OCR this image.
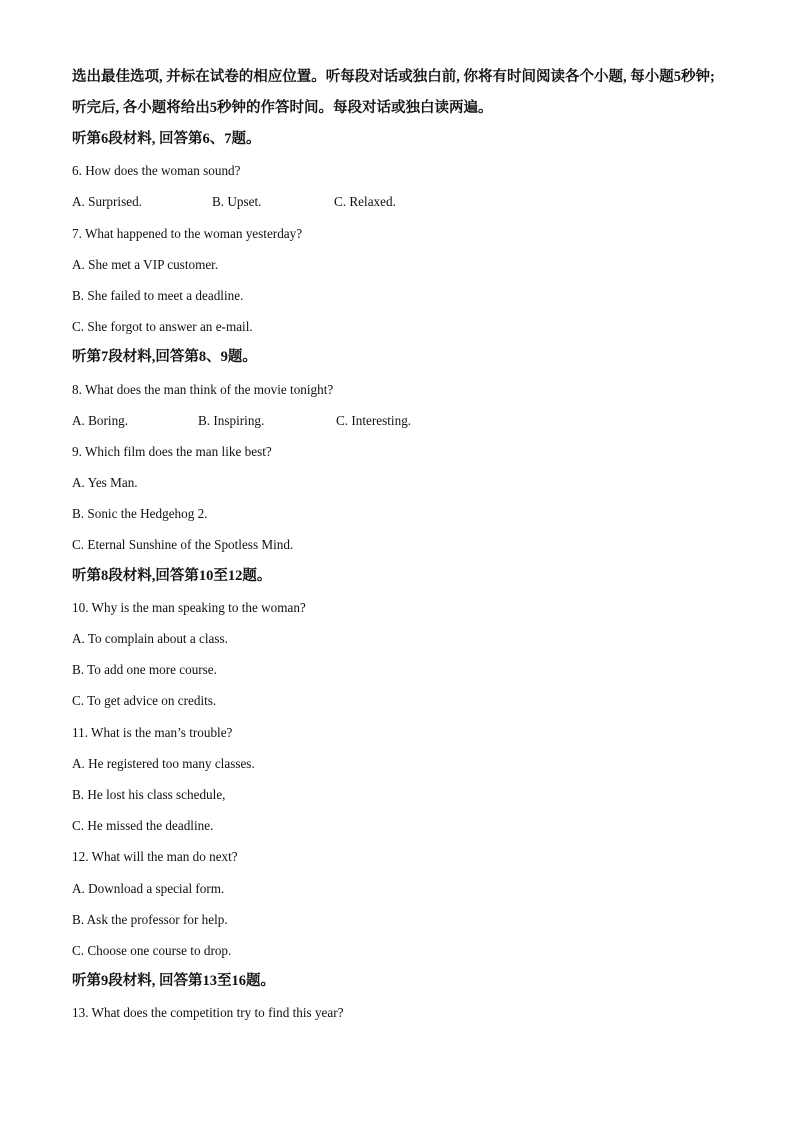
选出最佳选项, 并标在试卷的相应位置。听每段对话或独白前, 你将有时间阅读各个小题, 每小题5秒钟; 听完后, 各小题将给出5秒钟的作答时间。每段对话或独白读两遍。

听第6段材料, 回答第6、7题。
6. How does the woman sound?
A. Surprised.	B. Upset.	C. Relaxed.
7. What happened to the woman yesterday?
A. She met a VIP customer.
B. She failed to meet a deadline.
C. She forgot to answer an e-mail.
听第7段材料,回答第8、9题。
8. What does the man think of the movie tonight?
A. Boring.	B. Inspiring.	C. Interesting.
9. Which film does the man like best?
A. Yes Man.
B. Sonic the Hedgehog 2.
C. Eternal Sunshine of the Spotless Mind.
听第8段材料,回答第10至12题。
10. Why is the man speaking to the woman?
A. To complain about a class.
B. To add one more course.
C. To get advice on credits.
11. What is the man’s trouble?
A. He registered too many classes.
B. He lost his class schedule,
C. He missed the deadline.
12. What will the man do next?
A. Download a special form.
B. Ask the professor for help.
C. Choose one course to drop.
听第9段材料, 回答第13至16题。
13. What does the competition try to find this year?
